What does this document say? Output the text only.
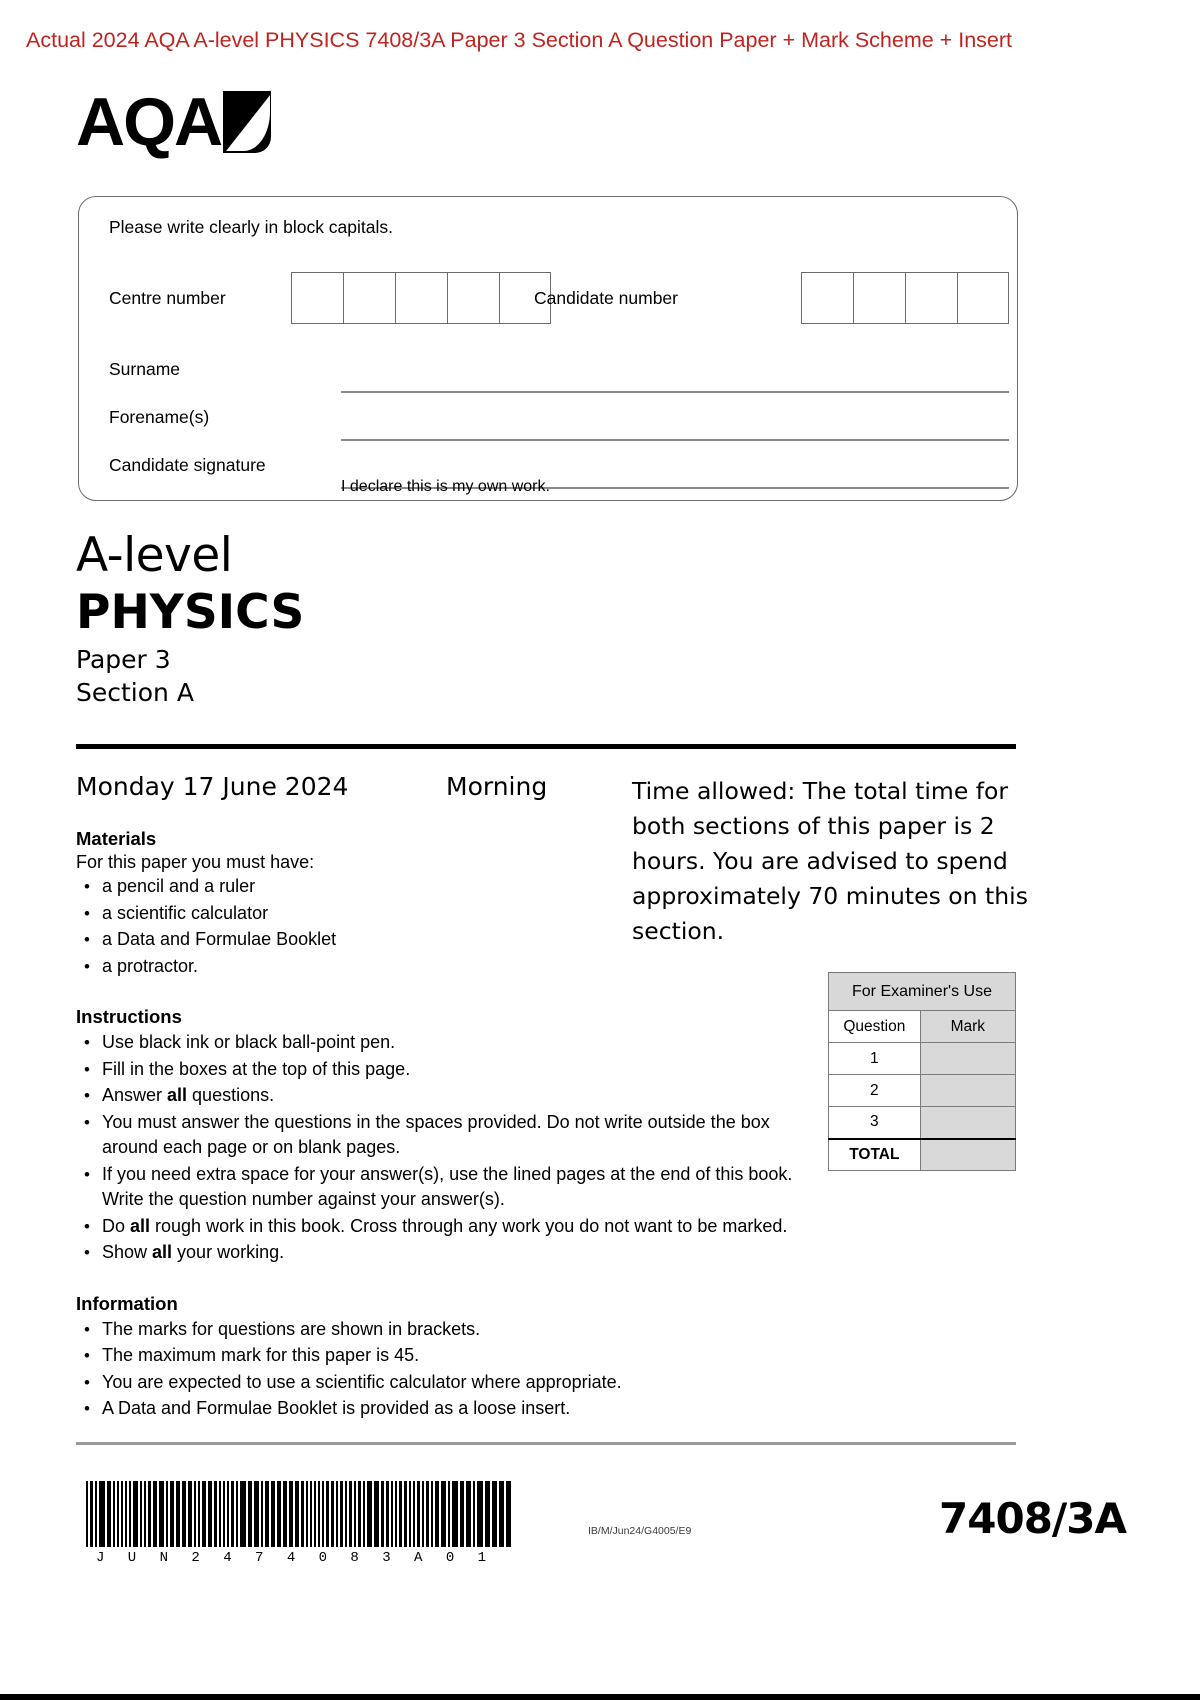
Actual 2024 AQA A-level PHYSICS 7408/3A Paper 3 Section A Question Paper + Mark Scheme + Insert
AQA
Please write clearly in block capitals.
Centre number	Candidate number
Surname
Forename(s)
Candidate signature
I declare this is my own work.
A-level
PHYSICS
Paper 3
Section A
Monday 17 June 2024	Morning	Time allowed: The total time for both sections of this paper is 2 hours. You are advised to spend approximately 70 minutes on this section.
Materials
For this paper you must have:
• a pencil and a ruler
• a scientific calculator
• a Data and Formulae Booklet
• a protractor.
Instructions
• Use black ink or black ball-point pen.
• Fill in the boxes at the top of this page.
• Answer all questions.
• You must answer the questions in the spaces provided. Do not write outside the box around each page or on blank pages.
• If you need extra space for your answer(s), use the lined pages at the end of this book. Write the question number against your answer(s).
• Do all rough work in this book. Cross through any work you do not want to be marked.
• Show all your working.
Information
• The marks for questions are shown in brackets.
• The maximum mark for this paper is 45.
• You are expected to use a scientific calculator where appropriate.
• A Data and Formulae Booklet is provided as a loose insert.
For Examiner's Use	
Question	Mark
1	
2	
3	
TOTAL	
J U N 2 4 7 4 0 8 3 A 0 1
IB/M/Jun24/G4005/E9	7408/3A
